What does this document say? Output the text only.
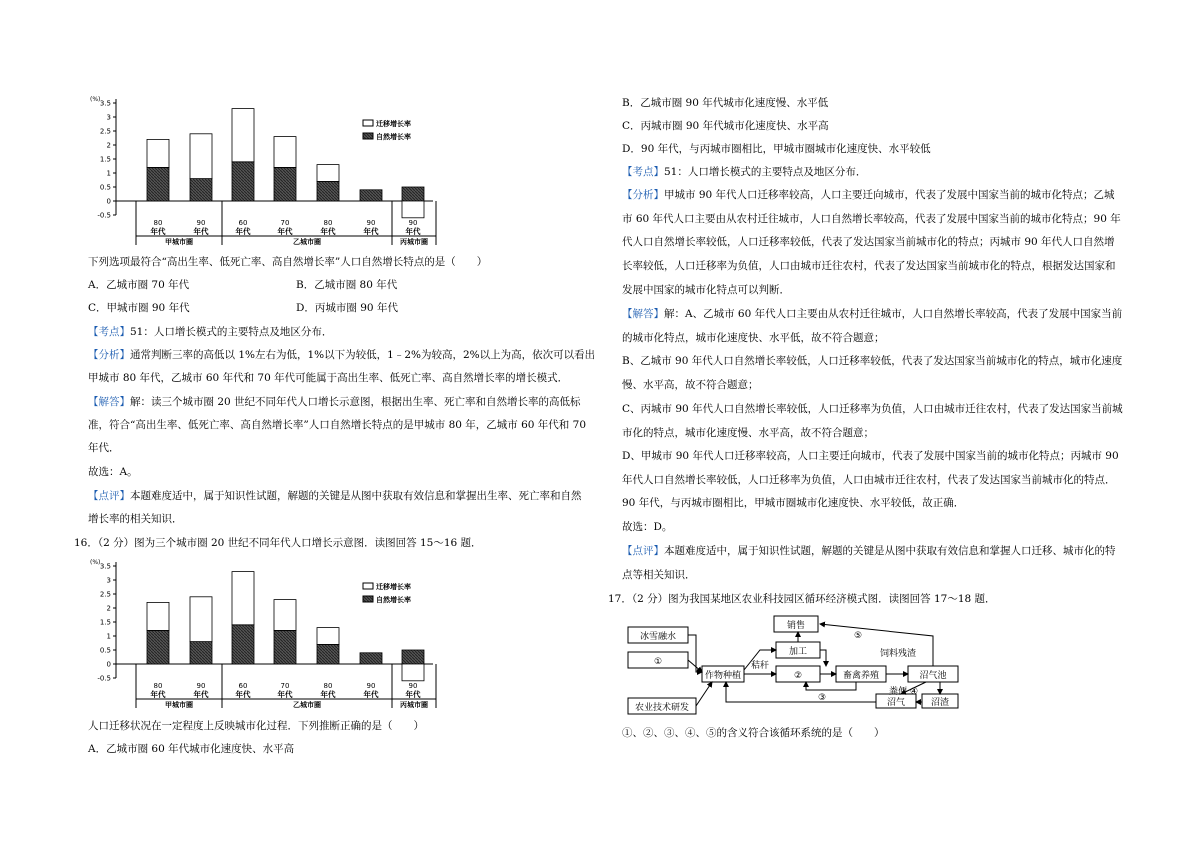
(%) 3.5
3
2.5
2
1.5
1
0.5
0
-0.5
80
年代
90
年代
60
年代
70
年代
80
年代
90
年代
90
年代
甲城市圈	乙城市圈	丙城市圈
迁移增长率
自然增长率
下列选项最符合“高出生率、低死亡率、高自然增长率”人口自然增长特点的是（　　）
A．乙城市圈 70 年代	B．乙城市圈 80 年代
C．甲城市圈 90 年代	D．丙城市圈 90 年代
【考点】51：人口增长模式的主要特点及地区分布．
【分析】通常判断三率的高低以 1%左右为低，1%以下为较低，1﹣2%为较高，2%以上为高，依次可以看出
甲城市 80 年代，乙城市 60 年代和 70 年代可能属于高出生率、低死亡率、高自然增长率的增长模式．
【解答】解：读三个城市圈 20 世纪不同年代人口增长示意图，根据出生率、死亡率和自然增长率的高低标
准，符合“高出生率、低死亡率、高自然增长率”人口自然增长特点的是甲城市 80 年，乙城市 60 年代和 70
年代．
故选：A。
【点评】本题难度适中，属于知识性试题，解题的关键是从图中获取有效信息和掌握出生率、死亡率和自然
增长率的相关知识．
16．（2 分）图为三个城市圈 20 世纪不同年代人口增长示意图．读图回答 15～16 题．
(%) 3.5
3
2.5
2
1.5
1
0.5
0
-0.5
80
年代
90
年代
60
年代
70
年代
80
年代
90
年代
90
年代
甲城市圈	乙城市圈	丙城市圈
迁移增长率
自然增长率
人口迁移状况在一定程度上反映城市化过程．下列推断正确的是（　　）
A．乙城市圈 60 年代城市化速度快、水平高
B．乙城市圈 90 年代城市化速度慢、水平低
C．丙城市圈 90 年代城市化速度快、水平高
D．90 年代，与丙城市圈相比，甲城市圈城市化速度快、水平较低
【考点】51：人口增长模式的主要特点及地区分布．
【分析】甲城市 90 年代人口迁移率较高，人口主要迁向城市，代表了发展中国家当前的城市化特点；乙城
市 60 年代人口主要由从农村迁往城市，人口自然增长率较高，代表了发展中国家当前的城市化特点；90 年
代人口自然增长率较低，人口迁移率较低，代表了发达国家当前城市化的特点；丙城市 90 年代人口自然增
长率较低，人口迁移率为负值，人口由城市迁往农村，代表了发达国家当前城市化的特点，根据发达国家和
发展中国家的城市化特点可以判断．
【解答】解：A、乙城市 60 年代人口主要由从农村迁往城市，人口自然增长率较高，代表了发展中国家当前
的城市化特点，城市化速度快、水平低，故不符合题意；
B、乙城市 90 年代人口自然增长率较低，人口迁移率较低，代表了发达国家当前城市化的特点，城市化速度
慢、水平高，故不符合题意；
C、丙城市 90 年代人口自然增长率较低，人口迁移率为负值，人口由城市迁往农村，代表了发达国家当前城
市化的特点，城市化速度慢、水平高，故不符合题意；
D、甲城市 90 年代人口迁移率较高，人口主要迁向城市，代表了发展中国家当前的城市化特点；丙城市 90
年代人口自然增长率较低，人口迁移率为负值，人口由城市迁往农村，代表了发达国家当前城市化的特点．
90 年代，与丙城市圈相比，甲城市圈城市化速度快、水平较低，故正确．
故选：D。
【点评】本题难度适中，属于知识性试题，解题的关键是从图中获取有效信息和掌握人口迁移、城市化的特
点等相关知识．
17．（2 分）图为我国某地区农业科技园区循环经济模式图．读图回答 17～18 题．
冰雪融水
①
作物种植
加工
销售
②	畜禽养殖	沼气池
沼气	沼渣
农业技术研发
秸秆
⑤
④
③
饲料残渣
粪便
①、②、③、④、⑤的含义符合该循环系统的是（　　）
